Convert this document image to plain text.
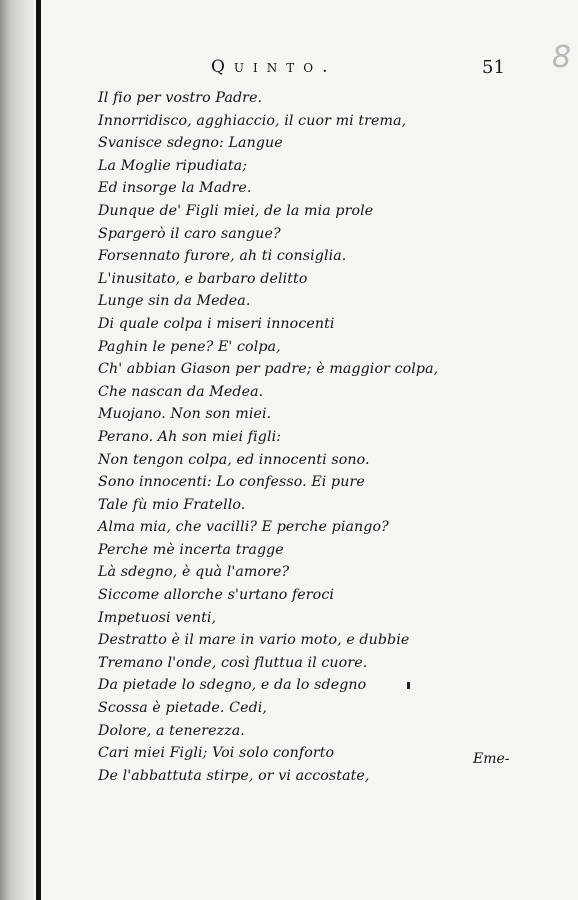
8
Quinto.	51
Il fio per vostro Padre.
Innorridisco, agghiaccio, il cuor mi trema,
Svanisce sdegno: Langue
La Moglie ripudiata;
Ed insorge la Madre.
Dunque de' Figli miei, de la mia prole
Spargerò il caro sangue?
Forsennato furore, ah ti consiglia.
L'inusitato, e barbaro delitto
Lunge sin da Medea.
Di quale colpa i miseri innocenti
Paghin le pene? E' colpa,
Ch' abbian Giason per padre; è maggior colpa,
Che nascan da Medea.
Muojano. Non son miei.
Perano. Ah son miei figli:
Non tengon colpa, ed innocenti sono.
Sono innocenti: Lo confesso. Ei pure
Tale fù mio Fratello.
Alma mia, che vacilli? E perche piango?
Perche mè incerta tragge
Là sdegno, è quà l'amore?
Siccome allorche s'urtano feroci
Impetuosi venti,
Destratto è il mare in vario moto, e dubbie
Tremano l'onde, così fluttua il cuore.
Da pietade lo sdegno, e da lo sdegno
Scossa è pietade. Cedi,
Dolore, a tenerezza.
Cari miei Figli; Voi solo conforto
De l'abbattuta stirpe, or vi accostate,
Eme-
